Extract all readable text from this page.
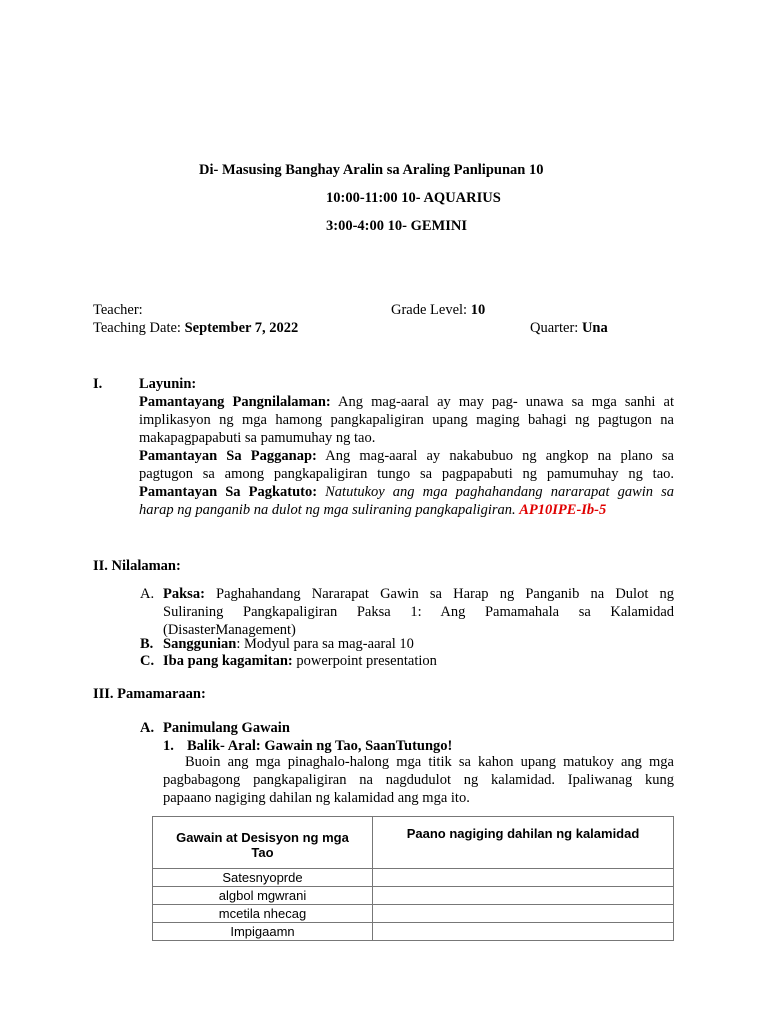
Di- Masusing Banghay Aralin sa Araling Panlipunan 10
10:00-11:00 10- AQUARIUS
3:00-4:00 10- GEMINI
Teacher:	Grade Level: 10
Teaching Date: September 7, 2022	Quarter: Una
I.	Layunin:
Pamantayang Pangnilalaman: Ang mag-aaral ay may pag- unawa sa mga sanhi at
implikasyon ng mga hamong pangkapaligiran upang maging bahagi ng pagtugon na
makapagpapabuti sa pamumuhay ng tao.
Pamantayan Sa Pagganap: Ang mag-aaral ay nakabubuo ng angkop na plano sa
pagtugon sa among pangkapaligiran tungo sa pagpapabuti ng pamumuhay ng tao.
Pamantayan Sa Pagkatuto: Natutukoy ang mga paghahandang nararapat gawin sa
harap ng panganib na dulot ng mga suliraning pangkapaligiran. AP10IPE-Ib-5
II. Nilalaman:
A. Paksa: Paghahandang Nararapat Gawin sa Harap ng Panganib na Dulot ng
Suliraning Pangkapaligiran Paksa 1: Ang Pamamahala sa Kalamidad
(DisasterManagement)
B. Sanggunian: Modyul para sa mag-aaral 10
C. Iba pang kagamitan: powerpoint presentation
III. Pamamaraan:
A. Panimulang Gawain
1. Balik- Aral: Gawain ng Tao, SaanTutungo!
Buoin ang mga pinaghalo-halong mga titik sa kahon upang matukoy ang mga
pagbabagong pangkapaligiran na nagdudulot ng kalamidad. Ipaliwanag kung
papaano nagiging dahilan ng kalamidad ang mga ito.
Gawain at Desisyon ng mga Tao	Paano nagiging dahilan ng kalamidad
Satesnyoprde	
algbol mgwrani	
mcetila nhecag	
Impigaamn	
